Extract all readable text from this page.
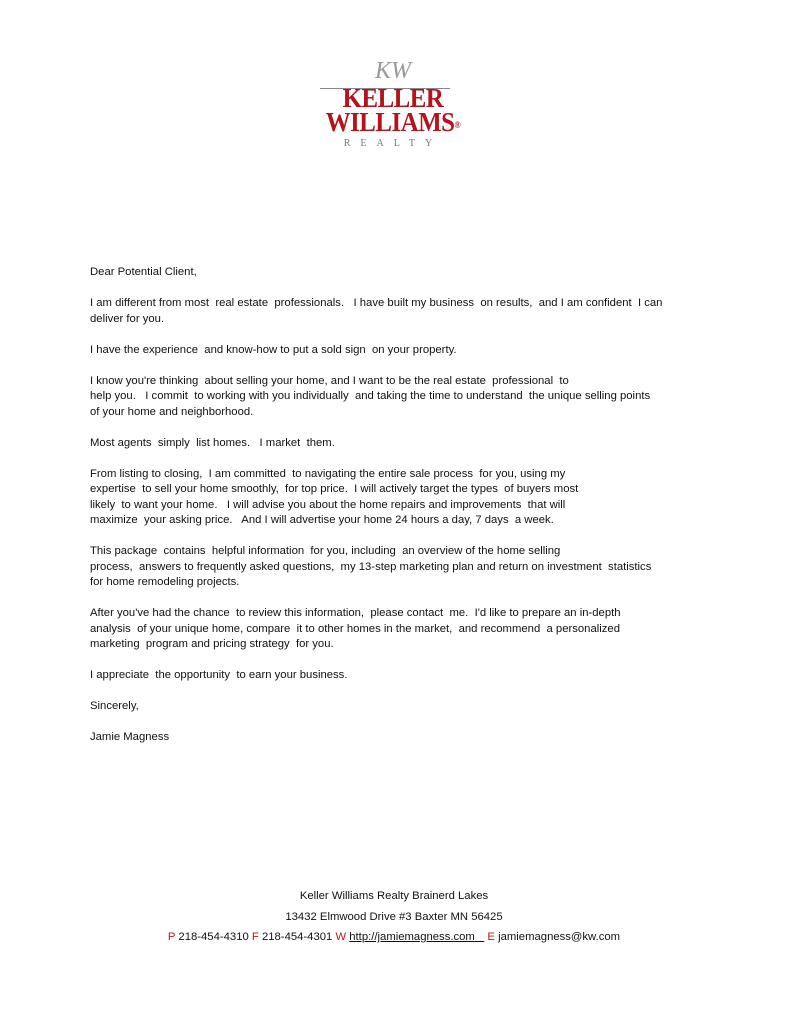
KW
KELLER
WILLIAMS®
REALTY

Dear Potential Client,

I am different from most  real estate  professionals.   I have built my business  on results,  and I am confident  I can
deliver for you.

I have the experience  and know-how to put a sold sign  on your property.

I know you're thinking  about selling your home, and I want to be the real estate  professional  to
help you.   I commit  to working with you individually  and taking the time to understand  the unique selling points
of your home and neighborhood.

Most agents  simply  list homes.   I market  them.

From listing to closing,  I am committed  to navigating the entire sale process  for you, using my
expertise  to sell your home smoothly,  for top price.  I will actively target the types  of buyers most
likely  to want your home.   I will advise you about the home repairs and improvements  that will
maximize  your asking price.   And I will advertise your home 24 hours a day, 7 days  a week.

This package  contains  helpful information  for you, including  an overview of the home selling
process,  answers to frequently asked questions,  my 13-step marketing plan and return on investment  statistics
for home remodeling projects.

After you've had the chance  to review this information,  please contact  me.  I'd like to prepare an in-depth
analysis  of your unique home, compare  it to other homes in the market,  and recommend  a personalized
marketing  program and pricing strategy  for you.

I appreciate  the opportunity  to earn your business.

Sincerely,

Jamie Magness

Keller Williams Realty Brainerd Lakes
13432 Elmwood Drive #3 Baxter MN 56425
P 218-454-4310 F 218-454-4301 W http://jamiemagness.com E jamiemagness@kw.com
